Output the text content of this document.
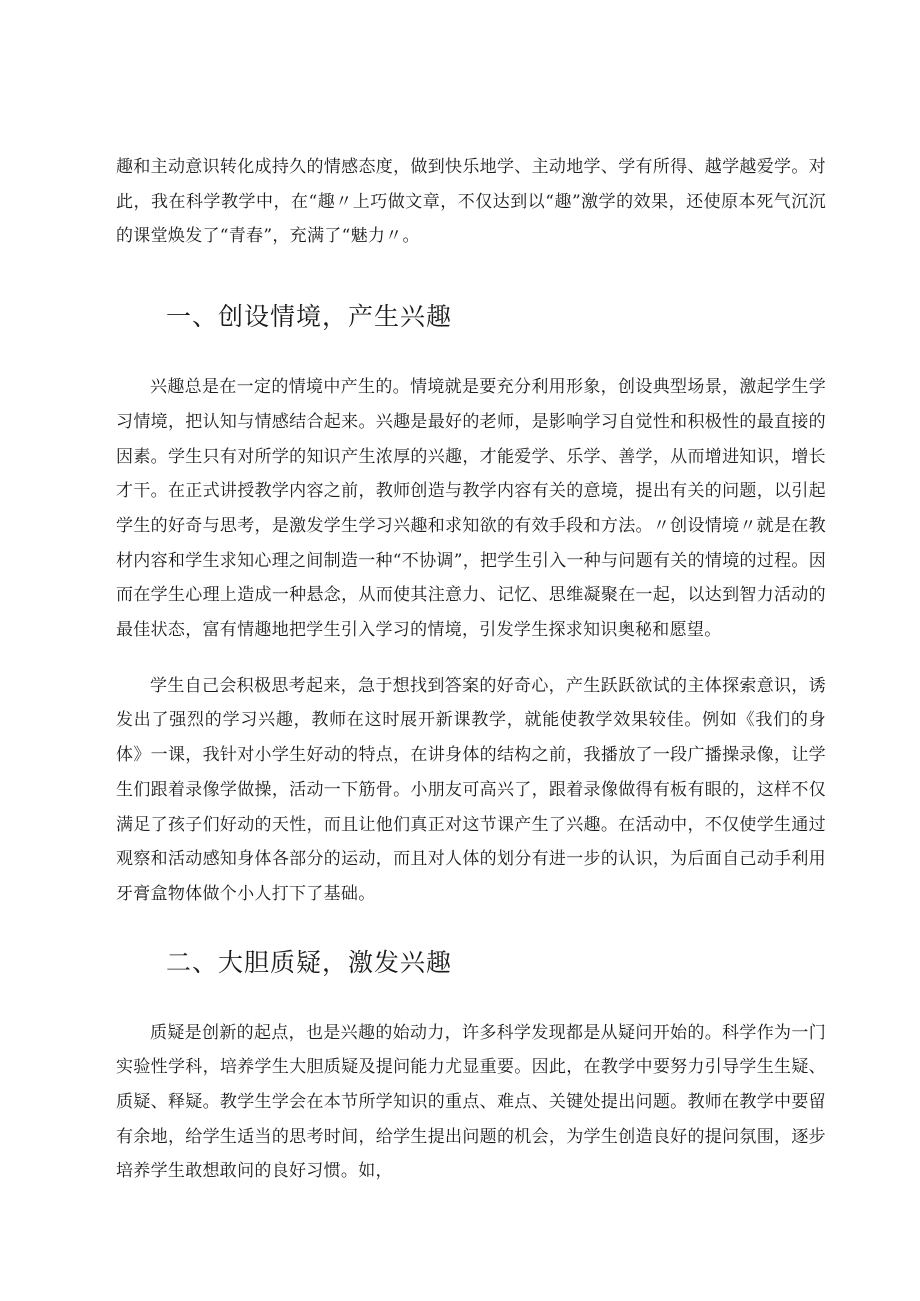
趣和主动意识转化成持久的情感态度，做到快乐地学、主动地学、学有所得、越学越爱学。对此，我在科学教学中，在“趣〃上巧做文章，不仅达到以“趣”激学的效果，还使原本死气沉沉的课堂焕发了“青春”，充满了“魅力〃。

一、创设情境，产生兴趣

兴趣总是在一定的情境中产生的。情境就是要充分利用形象，创设典型场景，激起学生学习情境，把认知与情感结合起来。兴趣是最好的老师，是影响学习自觉性和积极性的最直接的因素。学生只有对所学的知识产生浓厚的兴趣，才能爱学、乐学、善学，从而增进知识，增长才干。在正式讲授教学内容之前，教师创造与教学内容有关的意境，提出有关的问题，以引起学生的好奇与思考，是激发学生学习兴趣和求知欲的有效手段和方法。〃创设情境〃就是在教材内容和学生求知心理之间制造一种“不协调”，把学生引入一种与问题有关的情境的过程。因而在学生心理上造成一种悬念，从而使其注意力、记忆、思维凝聚在一起，以达到智力活动的最佳状态，富有情趣地把学生引入学习的情境，引发学生探求知识奥秘和愿望。

学生自己会积极思考起来，急于想找到答案的好奇心，产生跃跃欲试的主体探索意识，诱发出了强烈的学习兴趣，教师在这时展开新课教学，就能使教学效果较佳。例如《我们的身体》一课，我针对小学生好动的特点，在讲身体的结构之前，我播放了一段广播操录像，让学生们跟着录像学做操，活动一下筋骨。小朋友可高兴了，跟着录像做得有板有眼的，这样不仅满足了孩子们好动的天性，而且让他们真正对这节课产生了兴趣。在活动中，不仅使学生通过观察和活动感知身体各部分的运动，而且对人体的划分有进一步的认识，为后面自己动手利用牙膏盒物体做个小人打下了基础。

二、大胆质疑，激发兴趣

质疑是创新的起点，也是兴趣的始动力，许多科学发现都是从疑问开始的。科学作为一门实验性学科，培养学生大胆质疑及提问能力尤显重要。因此，在教学中要努力引导学生生疑、质疑、释疑。教学生学会在本节所学知识的重点、难点、关键处提出问题。教师在教学中要留有余地，给学生适当的思考时间，给学生提出问题的机会，为学生创造良好的提问氛围，逐步培养学生敢想敢问的良好习惯。如，
